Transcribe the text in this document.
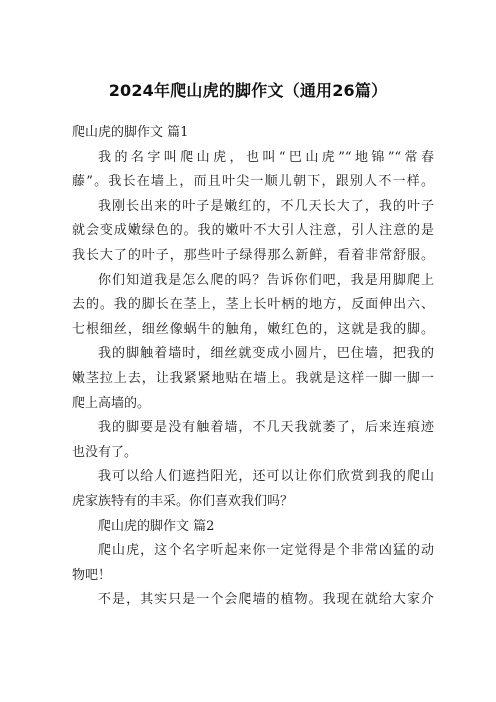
2024年爬山虎的脚作文（通用26篇）
爬山虎的脚作文 篇1
我的名字叫爬山虎，也叫“巴山虎”“地锦”“常春
藤”。我长在墙上，而且叶尖一顺儿朝下，跟别人不一样。
我刚长出来的叶子是嫩红的，不几天长大了，我的叶子
就会变成嫩绿色的。我的嫩叶不大引人注意，引人注意的是
我长大了的叶子，那些叶子绿得那么新鲜，看着非常舒服。
你们知道我是怎么爬的吗？告诉你们吧，我是用脚爬上
去的。我的脚长在茎上，茎上长叶柄的地方，反面伸出六、
七根细丝，细丝像蜗牛的触角，嫩红色的，这就是我的脚。
我的脚触着墙时，细丝就变成小圆片，巴住墙，把我的
嫩茎拉上去，让我紧紧地贴在墙上。我就是这样一脚一脚一
爬上高墙的。
我的脚要是没有触着墙，不几天我就萎了，后来连痕迹
也没有了。
我可以给人们遮挡阳光，还可以让你们欣赏到我的爬山
虎家族特有的丰采。你们喜欢我们吗？
爬山虎的脚作文 篇2
爬山虎，这个名字听起来你一定觉得是个非常凶猛的动
物吧！
不是，其实只是一个会爬墙的植物。我现在就给大家介
